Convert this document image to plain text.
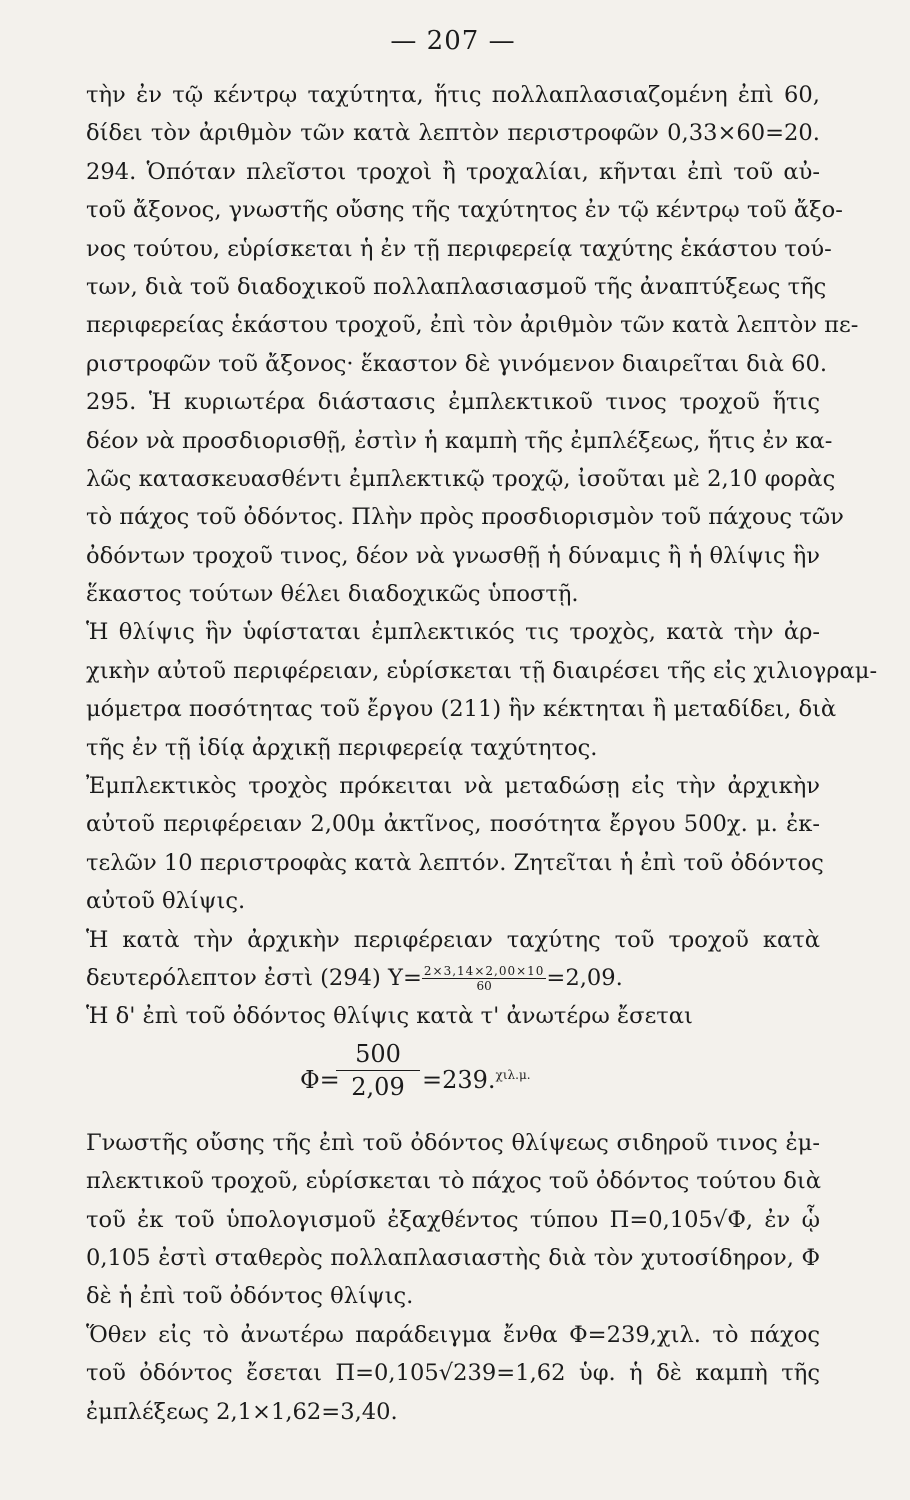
— 207 —
τὴν ἐν τῷ κέντρῳ ταχύτητα, ἥτις πολλαπλασιαζομένη ἐπὶ 60,
δίδει τὸν ἀριθμὸν τῶν κατὰ λεπτὸν περιστροφῶν 0,33×60=20.
294. Ὁπόταν πλεῖστοι τροχοὶ ἢ τροχαλίαι, κῆνται ἐπὶ τοῦ αὐ-
τοῦ ἄξονος, γνωστῆς οὔσης τῆς ταχύτητος ἐν τῷ κέντρῳ τοῦ ἄξο-
νος τούτου, εὑρίσκεται ἡ ἐν τῇ περιφερείᾳ ταχύτης ἑκάστου τού-
των, διὰ τοῦ διαδοχικοῦ πολλαπλασιασμοῦ τῆς ἀναπτύξεως τῆς
περιφερείας ἑκάστου τροχοῦ, ἐπὶ τὸν ἀριθμὸν τῶν κατὰ λεπτὸν πε-
ριστροφῶν τοῦ ἄξονος· ἕκαστον δὲ γινόμενον διαιρεῖται διὰ 60.
295. Ἡ κυριωτέρα διάστασις ἐμπλεκτικοῦ τινος τροχοῦ ἥτις
δέον νὰ προσδιορισθῇ, ἐστὶν ἡ καμπὴ τῆς ἐμπλέξεως, ἥτις ἐν κα-
λῶς κατασκευασθέντι ἐμπλεκτικῷ τροχῷ, ἰσοῦται μὲ 2,10 φορὰς
τὸ πάχος τοῦ ὀδόντος. Πλὴν πρὸς προσδιορισμὸν τοῦ πάχους τῶν
ὀδόντων τροχοῦ τινος, δέον νὰ γνωσθῇ ἡ δύναμις ἢ ἡ θλίψις ἣν
ἕκαστος τούτων θέλει διαδοχικῶς ὑποστῇ.
Ἡ θλίψις ἣν ὑφίσταται ἐμπλεκτικός τις τροχὸς, κατὰ τὴν ἀρ-
χικὴν αὐτοῦ περιφέρειαν, εὑρίσκεται τῇ διαιρέσει τῆς εἰς χιλιογραμ-
μόμετρα ποσότητας τοῦ ἔργου (211) ἣν κέκτηται ἢ μεταδίδει, διὰ
τῆς ἐν τῇ ἰδίᾳ ἀρχικῇ περιφερείᾳ ταχύτητος.
Ἐμπλεκτικὸς τροχὸς πρόκειται νὰ μεταδώσῃ εἰς τὴν ἀρχικὴν
αὐτοῦ περιφέρειαν 2,00μ ἀκτῖνος, ποσότητα ἔργου 500χ. μ. ἐκ-
τελῶν 10 περιστροφὰς κατὰ λεπτόν. Ζητεῖται ἡ ἐπὶ τοῦ ὀδόντος
αὐτοῦ θλίψις.
Ἡ κατὰ τὴν ἀρχικὴν περιφέρειαν ταχύτης τοῦ τροχοῦ κατὰ
δευτερόλεπτον ἐστὶ (294) $\Upsilon= \frac{2\times 3,14\times 2,00\times 10}{60} =2,09$.
Ἡ δ' ἐπὶ τοῦ ὀδόντος θλίψις κατὰ τ' ἀνωτέρω ἔσεται
Φ=
$\frac{500}{2,09} =239.^{\chi\iota\lambda.\mu.}$
Γνωστῆς οὔσης τῆς ἐπὶ τοῦ ὀδόντος θλίψεως σιδηροῦ τινος ἐμ-
πλεκτικοῦ τροχοῦ, εὑρίσκεται τὸ πάχος τοῦ ὀδόντος τούτου διὰ
τοῦ ἐκ τοῦ ὑπολογισμοῦ ἐξαχθέντος τύπου Π=0,105√Φ, ἐν ᾧ
0,105 ἐστὶ σταθερὸς πολλαπλασιαστὴς διὰ τὸν χυτοσίδηρον, Φ
δὲ ἡ ἐπὶ τοῦ ὀδόντος θλίψις.
Ὅθεν εἰς τὸ ἀνωτέρω παράδειγμα ἔνθα Φ=239,χιλ. τὸ πάχος
τοῦ ὀδόντος ἔσεται Π=0,105√239=1,62 ὑφ. ἡ δὲ καμπὴ τῆς
ἐμπλέξεως 2,1×1,62=3,40.
